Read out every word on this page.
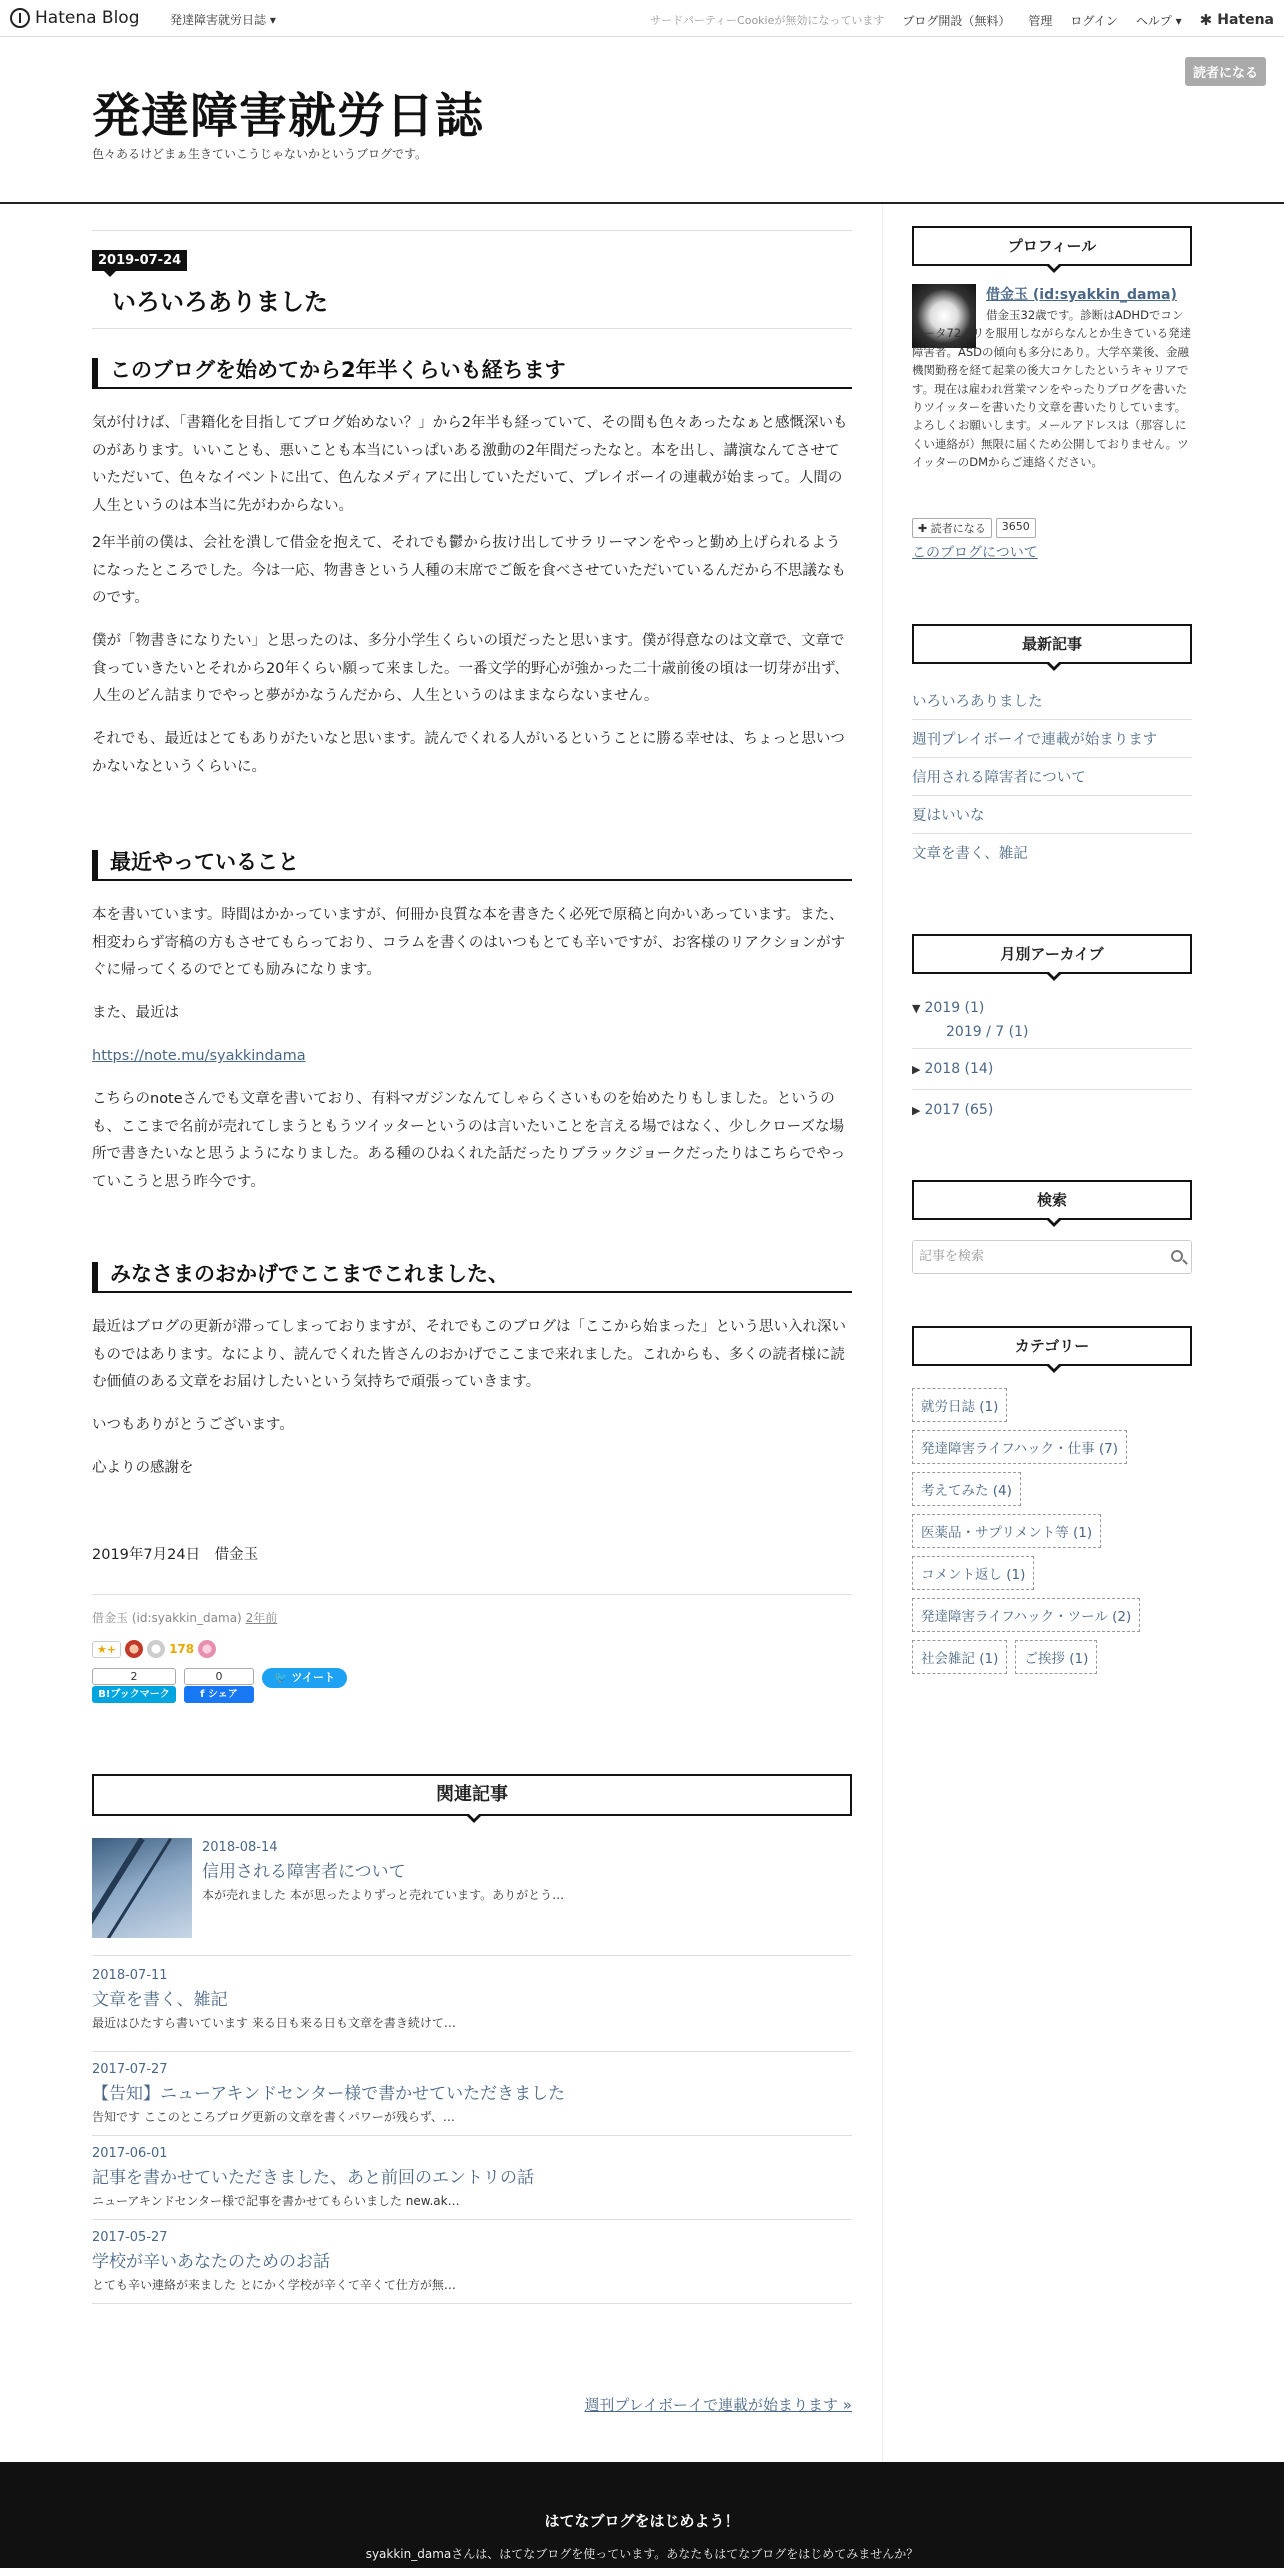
Hatena Blog	発達障害就労日誌 ▾	サードパーティーCookieが無効になっています ブログ開設（無料） 管理 ログイン ヘルプ ▾ ✱ Hatena
発達障害就労日誌
色々あるけどまぁ生きていこうじゃないかというブログです。
読者になる
2019-07-24
いろいろありました
このブログを始めてから2年半くらいも経ちます

気が付けば、「書籍化を目指してブログ始めない？」から2年半も経っていて、その間も色々あったなぁと感慨深いものがあります。いいことも、悪いことも本当にいっぱいある激動の2年間だったなと。本を出し、講演なんてさせていただいて、色々なイベントに出て、色んなメディアに出していただいて、プレイボーイの連載が始まって。人間の人生というのは本当に先がわからない。

2年半前の僕は、会社を潰して借金を抱えて、それでも鬱から抜け出してサラリーマンをやっと勤め上げられるようになったところでした。今は一応、物書きという人種の末席でご飯を食べさせていただいているんだから不思議なものです。

僕が「物書きになりたい」と思ったのは、多分小学生くらいの頃だったと思います。僕が得意なのは文章で、文章で食っていきたいとそれから20年くらい願って来ました。一番文学的野心が強かった二十歳前後の頃は一切芽が出ず、人生のどん詰まりでやっと夢がかなうんだから、人生というのはままならないません。

それでも、最近はとてもありがたいなと思います。読んでくれる人がいるということに勝る幸せは、ちょっと思いつかないなというくらいに。

最近やっていること

本を書いています。時間はかかっていますが、何冊か良質な本を書きたく必死で原稿と向かいあっています。また、相変わらず寄稿の方もさせてもらっており、コラムを書くのはいつもとても辛いですが、お客様のリアクションがすぐに帰ってくるのでとても励みになります。

また、最近は

https://note.mu/syakkindama

こちらのnoteさんでも文章を書いており、有料マガジンなんてしゃらくさいものを始めたりもしました。というのも、ここまで名前が売れてしまうともうツイッターというのは言いたいことを言える場ではなく、少しクローズな場所で書きたいなと思うようになりました。ある種のひねくれた話だったりブラックジョークだったりはこちらでやっていこうと思う昨今です。

みなさまのおかげでここまでこれました、

最近はブログの更新が滞ってしまっておりますが、それでもこのブログは「ここから始まった」という思い入れ深いものではあります。なにより、読んでくれた皆さんのおかげでここまで来れました。これからも、多くの読者様に読む価値のある文章をお届けしたいという気持ちで頑張っていきます。

いつもありがとうございます。

心よりの感謝を

2019年7月24日　借金玉

借金玉 (id:syakkin_dama) 2年前
★+	178
2
B!ブックマーク
0
f シェア
🐦 ツイート
関連記事
2018-08-14
信用される障害者について
本が売れました 本が思ったよりずっと売れています。ありがとう…
2018-07-11
文章を書く、雑記
最近はひたすら書いています 来る日も来る日も文章を書き続けて…
2017-07-27
【告知】ニューアキンドセンター様で書かせていただきました
告知です ここのところブログ更新の文章を書くパワーが残らず、…
2017-06-01
記事を書かせていただきました、あと前回のエントリの話
ニューアキンドセンター様で記事を書かせてもらいました new.ak…
2017-05-27
学校が辛いあなたのためのお話
とても辛い連絡が来ました とにかく学校が辛くて辛くて仕方が無…
週刊プレイボーイで連載が始まります »
プロフィール
借金玉 (id:syakkin_dama)
借金玉32歳です。診断はADHDでコンサータ72ミリを服用しながらなんとか生きている発達障害者。ASDの傾向も多分にあり。大学卒業後、金融機関勤務を経て起業の後大コケしたというキャリアです。現在は雇われ営業マンをやったりブログを書いたりツイッターを書いたり文章を書いたりしています。よろしくお願いします。メールアドレスは（那容しにくい連絡が）無限に届くため公開しておりません。ツイッターのDMからご連絡ください。
✚ 読者になる	3650
このブログについて
最新記事
いろいろありました
週刊プレイボーイで連載が始まります
信用される障害者について
夏はいいな
文章を書く、雑記
月別アーカイブ
▼ 2019 (1)
2019 / 7 (1)
▶ 2018 (14)
▶ 2017 (65)
検索
記事を検索
カテゴリー
就労日誌 (1)
発達障害ライフハック・仕事 (7)
考えてみた (4)
医薬品・サプリメント等 (1)
コメント返し (1)
発達障害ライフハック・ツール (2)
社会雑記 (1)	ご挨拶 (1)
はてなブログをはじめよう！
syakkin_damaさんは、はてなブログを使っています。あなたもはてなブログをはじめてみませんか？
